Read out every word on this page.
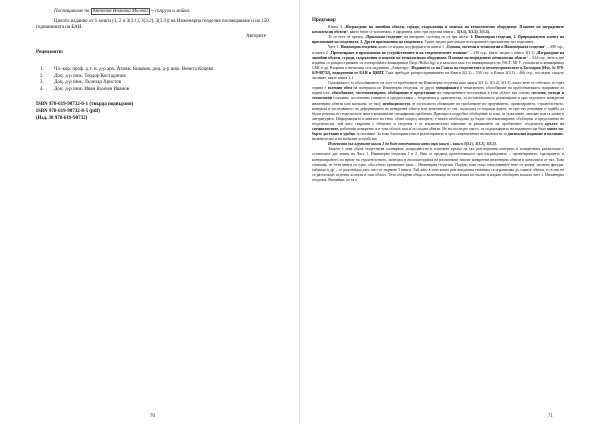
Посвещаваме на Антония Иванова Милева – съпруга и майка.

Цялото издание от 5 книги (1, 2 и 3(3.1), 3(3.2), 3(3.3)) на Инженерна геодезия посвещаваме и на 150 годишнината на БАН.

Авторите
Рецензенти:
1. Чл.-кор. проф. д.т. н. д-р арх. Атанас Ковачев, доц. д-р инж. Венета Коцева
2. Доц. д-р инж. Теодор Костадинов
3. Доц. д-р инж. Лъчезар Христов
4. Доц. д-р инж. Иван Кънчев Иванов
ISBN 978-619-90732-6-1 (твърда подвързия)
ISBN 978-619-90732-8-5 (pdf)
(Изд. 30 978-619-90732)
70

Предговор

Книга 3 „Изграждане на линейни обекти, сгради, съоръжения и монтаж на технологично оборудване. Планове на изградените комплексни обекти“, както беше се споменало, е оформена, като три отделни книги – 3(3.1), 3(3.2), 3(3.3).

То се чете от преход „Приложна геодезия“ на авторите, състоящ се от три части: 1. Инженерна геодезия, 2. Природонаучен аспект на приложение на геодезията, 3. Други приложения на геодезията. Трите заедно разглеждат всестранното приложение на геодезията.

Част 1. Инженерна геодезия, която се издава под формата на книги 1 „Основи, системи и технологии в Инженерната геодезия“ – 498 стр., и книга 2 „Проектиране и приложение на устройствените и на геодезическите планове“ – 330 стр., както заедно с книга 3(3.1) „Изграждане на линейни обекти, сгради, съоръжения и монтаж на технологично оборудване. Планове на изградените комплексни обекти“ – 524 стр., вече в два издания се разпространяват от електронната книжарница [http://Bolbo.bg] и в каталога към з-и книжарницата на УАСГ, МГУ, стопанска и книжарница СЕК и др. Въпреки отпечатани са в изданието „Авангард“. Изданието са на Съюза на геодезистите и землеустроителите в България (Изд. № 978-619-90732), подкрепени от БАН и ЦКНТ. Така пребъдат разпространяването на Книги 3(3.2) – 530 стр. и Книга 3(3.3) – 466 стр., последни същото заглавие, както книга 3.1.

Основанието за обособяването на част от проблемите на Инженерна геодезия като книги 3(3.1), 3(3.2), 3(3.3), както вече се отбеляза, от една страна е големия обем на материала по Инженерна геодезия, от друга спецификата в тематичното обособяване на проблематиката, направено за първи път: обособяване, систематизиране, обобщаване и представяне на съвременните постановки в тази област въз основа системи, методи и технологии (основни, постепенно главните и предпоставка – теоретична и практическа, за по-нататъшното реализиране и при отделните конкретни инженерни обекти или комплекс от тях); необходимостта от по-пълното обхващане на проблемите по проучването, проектирането, строителството, контрола и изследването на деформациите на конкретни обекти или комплекси от тях, подходящ се пораяда факта, че при тях решаване и трайба да бъдат решени от геодезистите много комплексни специфични проблеми. Примери в подробно обобщение за това, за съжаление, липсват или са малко в литературата. Информацията в книгите на тема, обаче според авторите, е много необходимо да бъдат систематизирани, обобщени и представени по геодезически, тъй като свързани с обектите и геодезия е от изключително значение за решаването на проблемите; геодезисти кръгът от специалистите, работещи конкретно и в тази област, пък и за сходни обекти. Не на последно място, от съдържанието на изданието ще бъде много по-бързо достъпно и удобно за ползване. За това благоприятства и реализирането и чрез съвременните възможности за дигитално издаване и ползване, включително и на мобилни устройства.

Изменения във вгрупите книги 3 да бъде отпечатана като три книги – книги 3(3.1), 3(3.2), 3(3.3).

Защото с това обоче съществува планиране, попредвестна и пояснено връзка на тях разгледвания материал и конкретната реализация с останалите две книги на Част 1. Инженерна геодезия 1 и 2. Има се предвид произтичащото при изграждането – проектирането, трасирането и контролирането по време на строителството, монтажа и експлоатацията на различните типове конкретни инженерни обекти и комплекси от тях. Това означава, че тези книги са едно, обособено органично цяло – Инженерна геодезия. Поради това също използваните вече от книги, сигнати фигури, таблици и др. – се разглеждат като част от първите 3 книги. Тъй като в тази книга разглежданата тематика се ограничава до самите обекти, то в нея не се разглеждат отделни аспекти в тази област. Тези обсъдени общи и включващи на тази книга по-пълно и изцяло обобщено нашата част 1. Инженерна геодезия. Вземайки, че тя е

71
